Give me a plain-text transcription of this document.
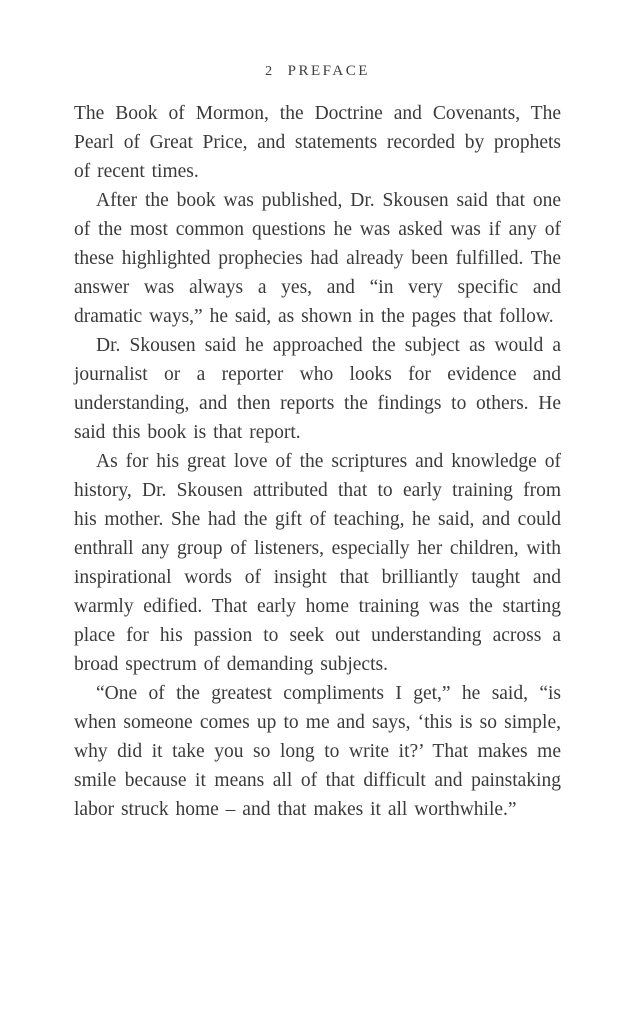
2 PREFACE

The Book of Mormon, the Doctrine and Covenants, The Pearl of Great Price, and statements recorded by prophets of recent times.

After the book was published, Dr. Skousen said that one of the most common questions he was asked was if any of these highlighted prophecies had already been fulfilled. The answer was always a yes, and “in very specific and dramatic ways,” he said, as shown in the pages that follow.

Dr. Skousen said he approached the subject as would a journalist or a reporter who looks for evidence and understanding, and then reports the findings to others. He said this book is that report.

As for his great love of the scriptures and knowledge of history, Dr. Skousen attributed that to early training from his mother. She had the gift of teaching, he said, and could enthrall any group of listeners, especially her children, with inspirational words of insight that brilliantly taught and warmly edified. That early home training was the starting place for his passion to seek out understanding across a broad spectrum of demanding subjects.

“One of the greatest compliments I get,” he said, “is when someone comes up to me and says, ‘this is so simple, why did it take you so long to write it?’ That makes me smile because it means all of that difficult and painstaking labor struck home – and that makes it all worthwhile.”
